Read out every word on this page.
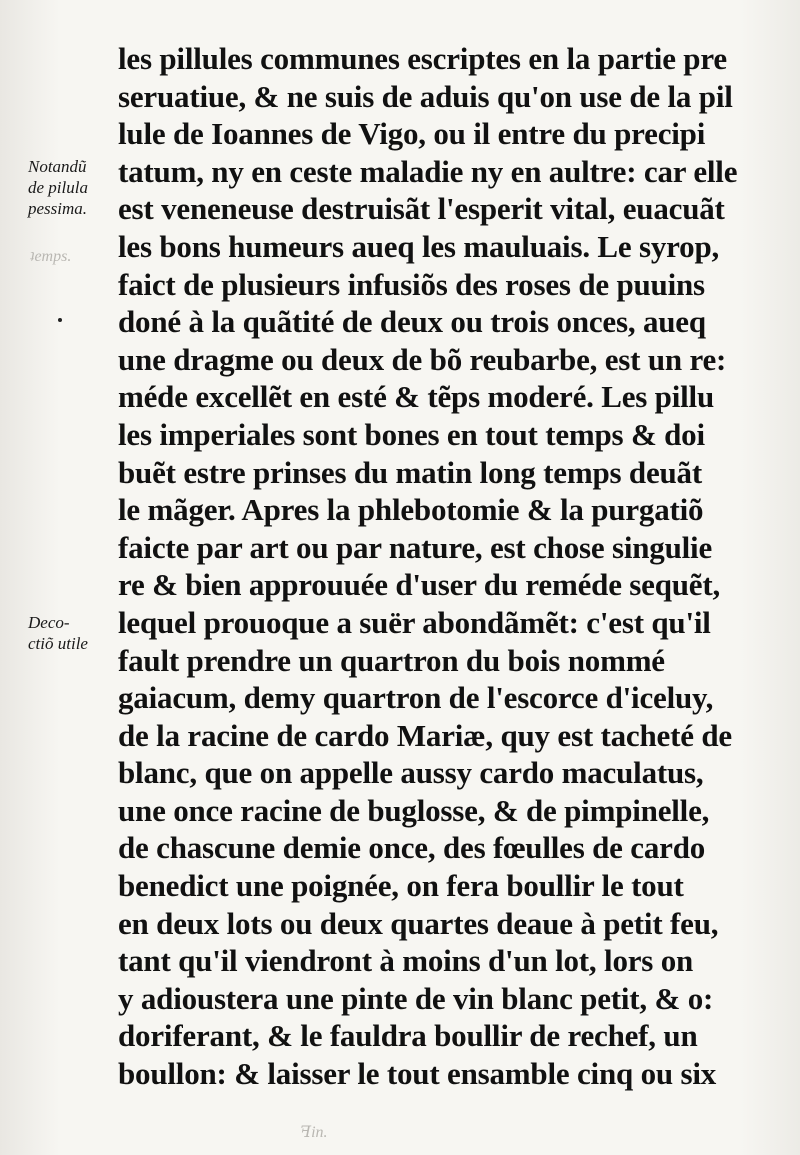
ʇemps.
ꟻin.
Notandũ
de pilula
pessima.
Deco-
ctiõ utile
les pillules communes escriptes en la partie pre
seruatiue, & ne suis de aduis qu'on use de la pil
lule de Ioannes de Vigo, ou il entre du precipi
tatum, ny en ceste maladie ny en aultre: car elle
est veneneuse destruisãt l'esperit vital, euacuãt
les bons humeurs aueq les mauluais. Le syrop,
faict de plusieurs infusiõs des roses de puuins
doné à la quãtité de deux ou trois onces, aueq
une dragme ou deux de bõ reubarbe, est un re:
méde excellẽt en esté & tẽps moderé. Les pillu
les imperiales sont bones en tout temps & doi
buẽt estre prinses du matin long temps deuãt
le mãger. Apres la phlebotomie & la purgatiõ
faicte par art ou par nature, est chose singulie
re & bien approuuée d'user du reméde sequẽt,
lequel prouoque a suër abondãmẽt: c'est qu'il
fault prendre un quartron du bois nommé
gaiacum, demy quartron de l'escorce d'iceluy,
de la racine de cardo Mariæ, quy est tacheté de
blanc, que on appelle aussy cardo maculatus,
une once racine de buglosse, & de pimpinelle,
de chascune demie once, des fœulles de cardo
benedict une poignée, on fera boullir le tout
en deux lots ou deux quartes deaue à petit feu,
tant qu'il viendront à moins d'un lot, lors on
y adioustera une pinte de vin blanc petit, & o:
doriferant, & le fauldra boullir de rechef, un
boullon: & laisser le tout ensamble cinq ou six
